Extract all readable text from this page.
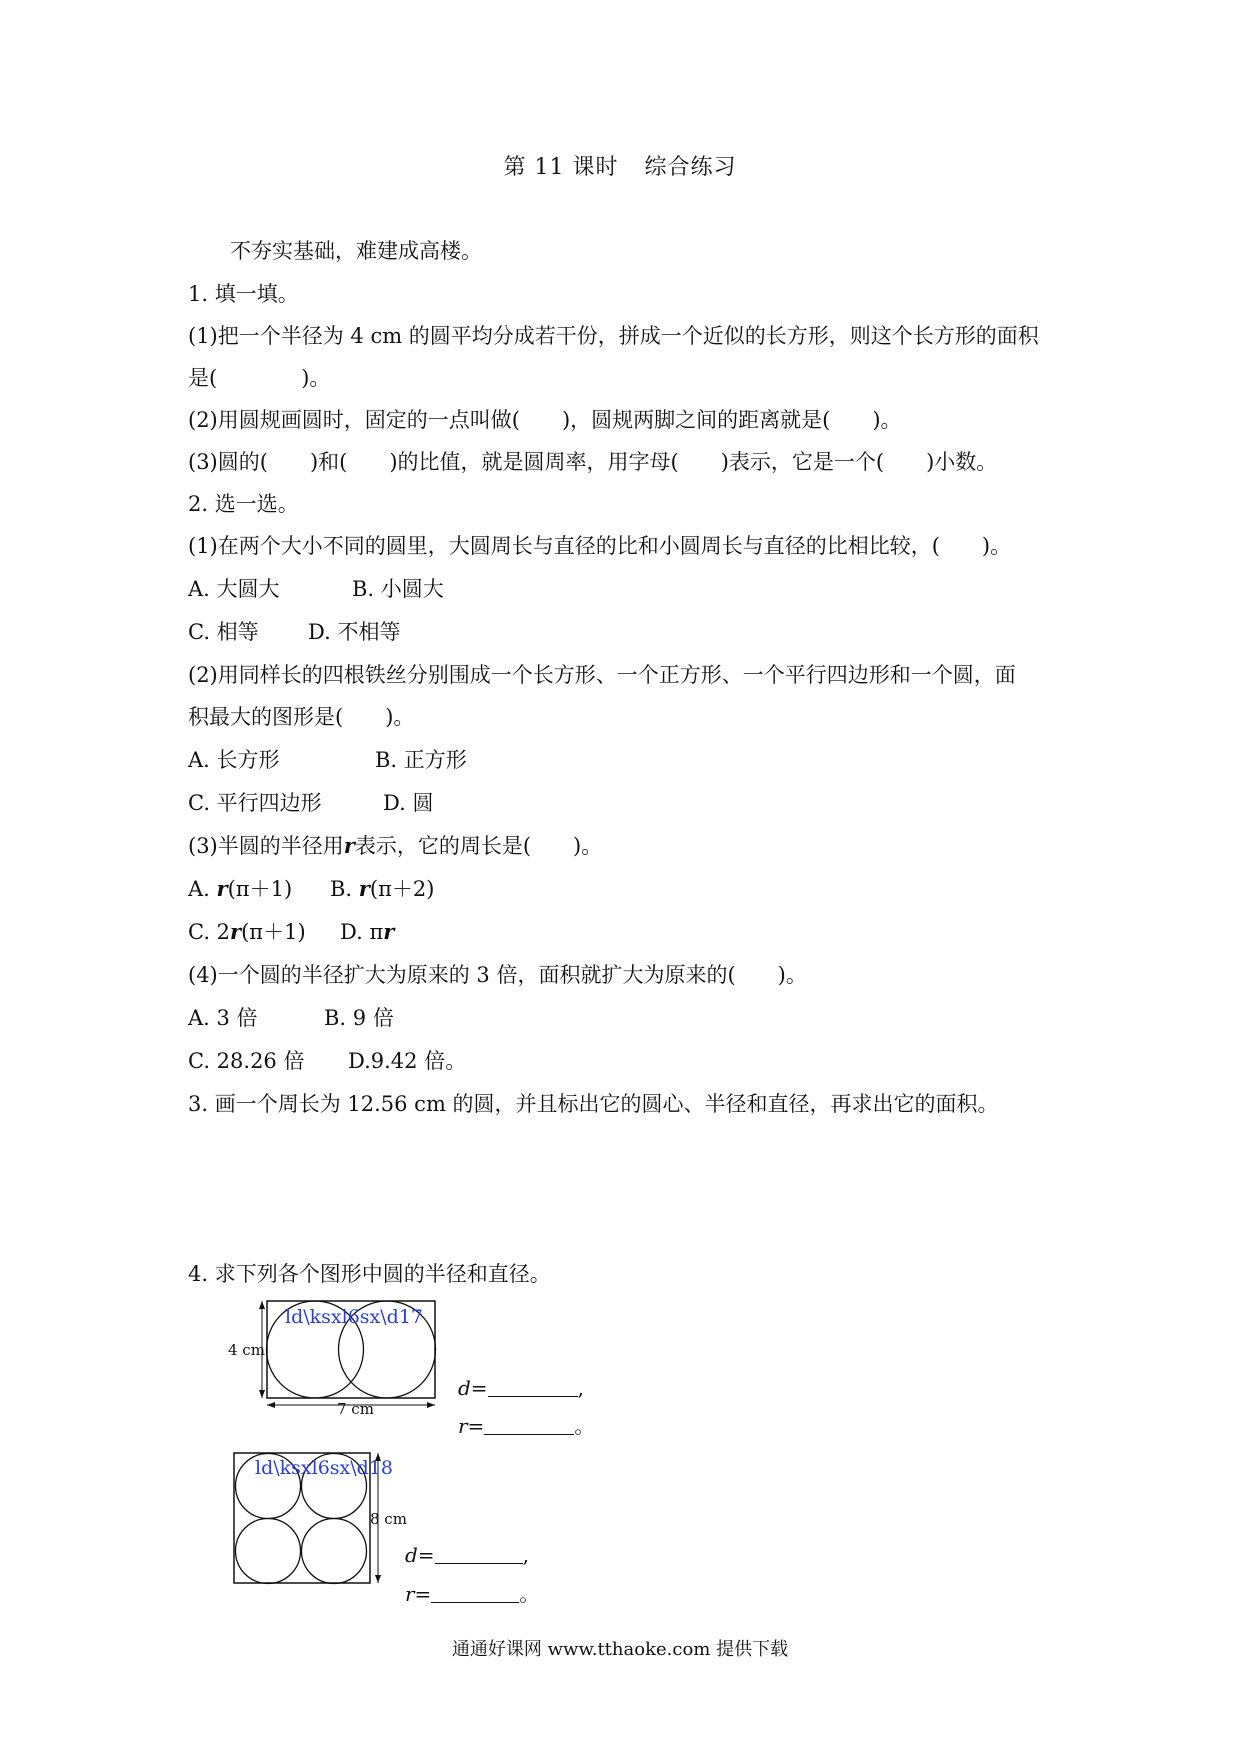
第 11 课时 综合练习
不夯实基础，难建成高楼。
1. 填一填。
(1)把一个半径为 4 cm 的圆平均分成若干份，拼成一个近似的长方形，则这个长方形的面积
是(　　　　)。
(2)用圆规画圆时，固定的一点叫做(　　)，圆规两脚之间的距离就是(　　)。
(3)圆的(　　)和(　　)的比值，就是圆周率，用字母(　　)表示，它是一个(　　)小数。
2. 选一选。
(1)在两个大小不同的圆里，大圆周长与直径的比和小圆周长与直径的比相比较，(　　)。
A. 大圆大	B. 小圆大
C. 相等 D. 不相等
(2)用同样长的四根铁丝分别围成一个长方形、一个正方形、一个平行四边形和一个圆，面
积最大的图形是(　　)。
A. 长方形	B. 正方形
C. 平行四边形	D. 圆
(3)半圆的半径用r表示，它的周长是(　　)。
A. r(π＋1) B. r(π＋2)
C. 2r(π＋1) D. πr
(4)一个圆的半径扩大为原来的 3 倍，面积就扩大为原来的(　　)。
A. 3 倍	B. 9 倍
C. 28.26 倍 D.9.42 倍。
3. 画一个周长为 12.56 cm 的圆，并且标出它的圆心、半径和直径，再求出它的面积。
4. 求下列各个图形中圆的半径和直径。
4 cm
7 cm
ld\ksxl6sx\d17
d=	,
r=	。
8 cm
ld\ksxl6sx\d18
d=	,
r=	。
通通好课网 www.tthaoke.com 提供下载
